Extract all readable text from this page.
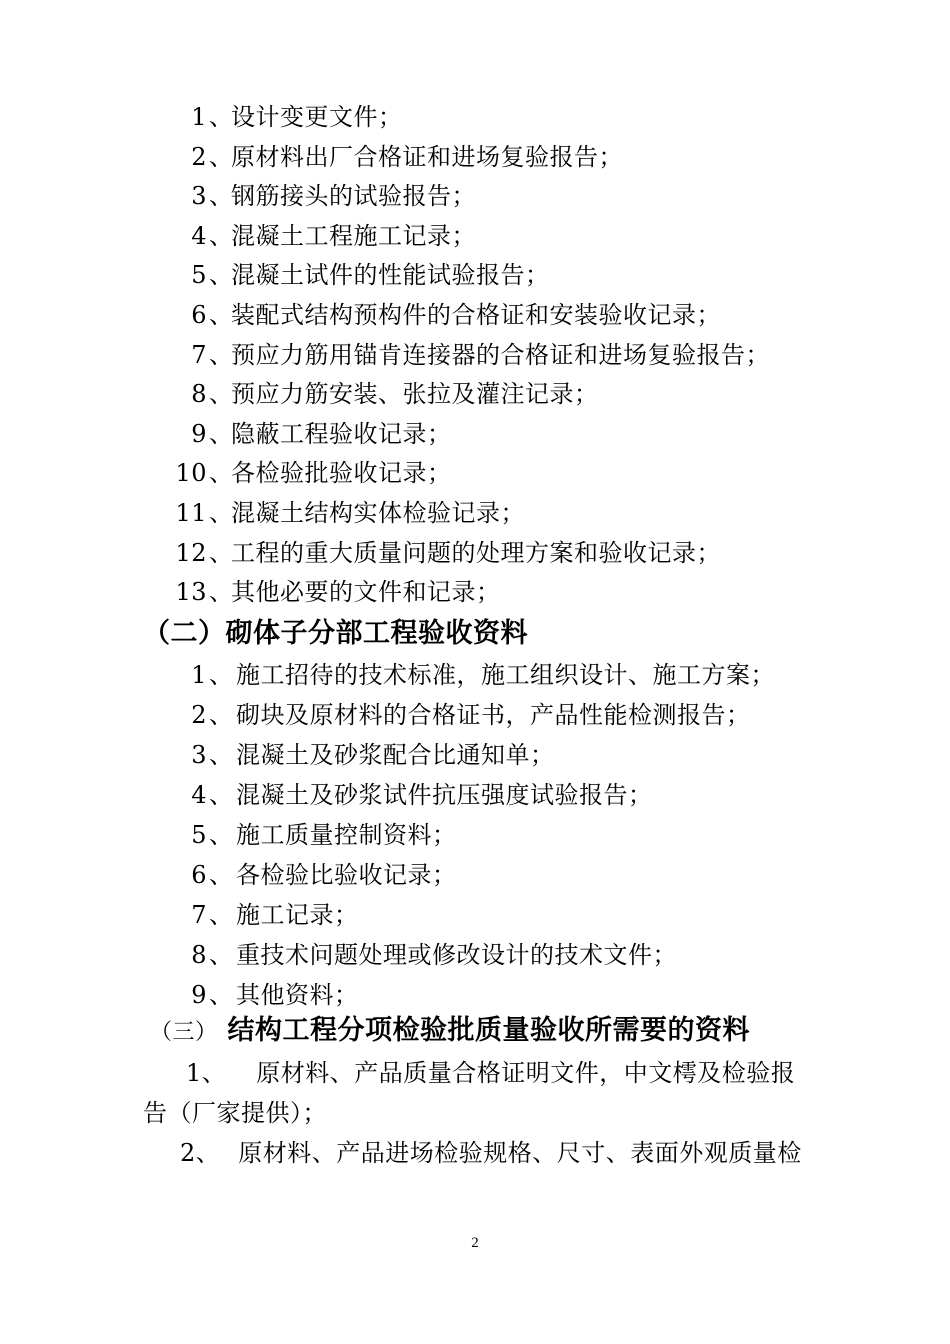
1 、
设计变更文件；
2 、
原材料出厂合格证和进场复验报告；
3 、
钢筋接头的试验报告；
4 、
混凝土工程施工记录；
5 、
混凝土试件的性能试验报告；
6 、
装配式结构预构件的合格证和安装验收记录；
7 、
预应力筋用锚肯连接器的合格证和进场复验报告；
8 、
预应力筋安装、张拉及灌注记录；
9 、
隐蔽工程验收记录；
10 、
各检验批验收记录；
11 、
混凝土结构实体检验记录；
12 、
工程的重大质量问题的处理方案和验收记录；
13 、
其他必要的文件和记录；
（二）砌体子分部工程验收资料
1 、 施工招待的技术标准，施工组织设计、施工方案；
2 、 砌块及原材料的合格证书，产品性能检测报告；
3 、 混凝土及砂浆配合比通知单；
4 、 混凝土及砂浆试件抗压强度试验报告；
5 、 施工质量控制资料；
6 、 各检验比验收记录；
7 、 施工记录；
8 、 重技术问题处理或修改设计的技术文件；
9 、 其他资料；
（三） 结构工程分项检验批质量验收所需要的资料
1、 原材料、产品质量合格证明文件，中文樗及检验报
告（厂家提供）；
2、 原材料、产品进场检验规格、尺寸、表面外观质量检
2
